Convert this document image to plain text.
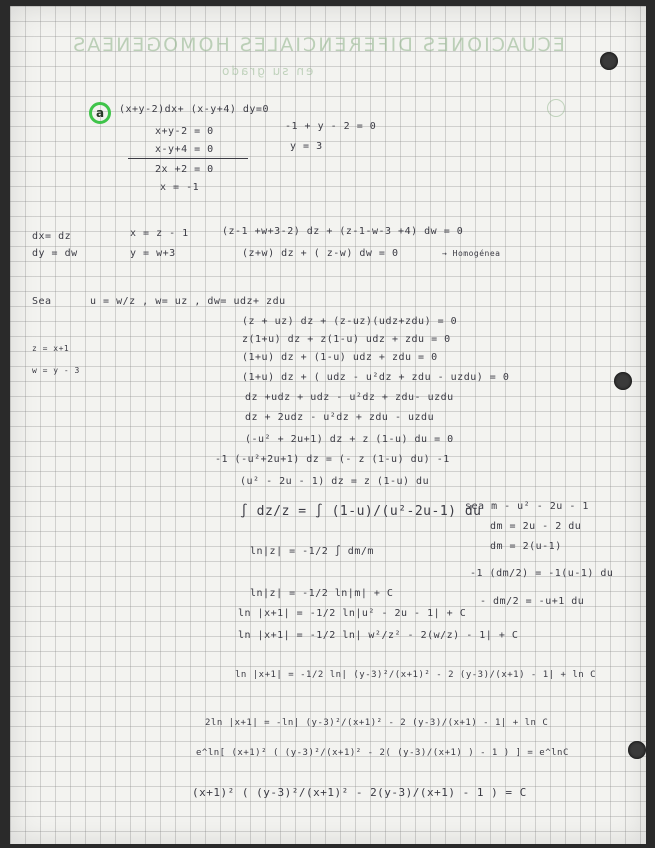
ECUACIONES DIFERENCIALES HOMOGENEAS
en su grado
a (x+y-2)dx+ (x-y+4) dy=0
x+y-2 = 0
x-y+4 = 0
2x +2 = 0
x = -1
-1 + y - 2 = 0
y = 3
dx= dz
dy = dw
x = z - 1
y = w+3
(z-1 +w+3-2) dz + (z-1-w-3 +4) dw = 0
(z+w) dz + ( z-w) dw = 0	→ Homogénea
Sea	u = w/z , w= uz , dw= udz+ zdu
z = x+1
w = y - 3
(z + uz) dz + (z-uz)(udz+zdu) = 0
z(1+u) dz + z(1-u) udz + zdu = 0
(1+u) dz + (1-u) udz + zdu = 0
(1+u) dz + ( udz - u²dz + zdu - uzdu) = 0
dz +udz + udz - u²dz + zdu- uzdu
dz + 2udz - u²dz + zdu - uzdu
(-u² + 2u+1) dz + z (1-u) du = 0
-1 (-u²+2u+1) dz = (- z (1-u) du) -1
(u² - 2u - 1) dz = z (1-u) du
∫ dz/z = ∫ (1-u)/(u²-2u-1) du
ln|z| = -1/2 ∫ dm/m
ln|z| = -1/2 ln|m| + C
ln |x+1| = -1/2 ln|u² - 2u - 1| + C
ln |x+1| = -1/2 ln| w²/z² - 2(w/z) - 1| + C
ln |x+1| = -1/2 ln| (y-3)²/(x+1)² - 2 (y-3)/(x+1) - 1| + ln C
2ln |x+1| = -ln| (y-3)²/(x+1)² - 2 (y-3)/(x+1) - 1| + ln C
e^ln[ (x+1)² ( (y-3)²/(x+1)² - 2( (y-3)/(x+1) ) - 1 ) ] = e^lnC
(x+1)² ( (y-3)²/(x+1)² - 2(y-3)/(x+1) - 1 ) = C
sea m - u² - 2u - 1
dm = 2u - 2 du
dm = 2(u-1)
-1 (dm/2) = -1(u-1) du
- dm/2 = -u+1 du
